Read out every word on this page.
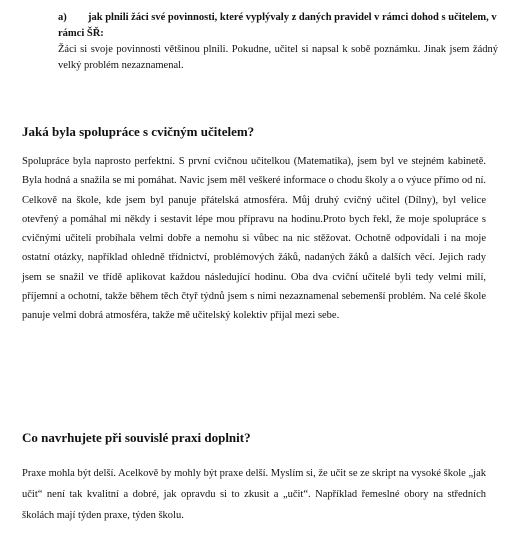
a) jak plnili žáci své povinnosti, které vyplývaly z daných pravidel v rámci dohod s učitelem, v rámci ŠŘ:
Žáci si svoje povinnosti většinou plnili. Pokudne, učitel si napsal k sobě poznámku. Jinak jsem žádný velký problém nezaznamenal.
Jaká byla spolupráce s cvičným učitelem?
Spolupráce byla naprosto perfektní. S první cvičnou učitelkou (Matematika), jsem byl ve stejném kabinetě. Byla hodná a snažila se mi pomáhat. Navic jsem měl veškeré informace o chodu školy a o výuce přímo od ní. Celkově na škole, kde jsem byl panuje přátelská atmosféra. Můj druhý cvičný učitel (Dílny), byl velice otevřený a pomáhal mi někdy i sestavit lépe mou přípravu na hodinu.Proto bych řekl, že moje spolupráce s cvičnými učiteli probíhala velmi dobře a nemohu si vůbec na nic stěžovat. Ochotně odpovídali i na moje ostatní otázky, například ohledně třídnictví, problémových žáků, nadaných žáků a dalších věcí. Jejich rady jsem se snažil ve třídě aplikovat každou následující hodinu. Oba dva cvičnί učitelé byli tedy velmi milí, příjemní a ochotní, takže během těch čtyř týdnů jsem s nimi nezaznamenal sebemenší problém. Na celé škole panuje velmi dobrá atmosféra, takže mě učitelský kolektiv přijal mezi sebe.
Co navrhujete při souvislé praxi doplnit?
Praxe mohla být delší. Acelkově by mohly být praxe delší. Myslím si, že učit se ze skript na vysoké škole „jak učit“ není tak kvalitní a dobré, jak opravdu si to zkusit a „učit“. Například řemeslné obory na středních školách mají týden praxe, týden školu.
